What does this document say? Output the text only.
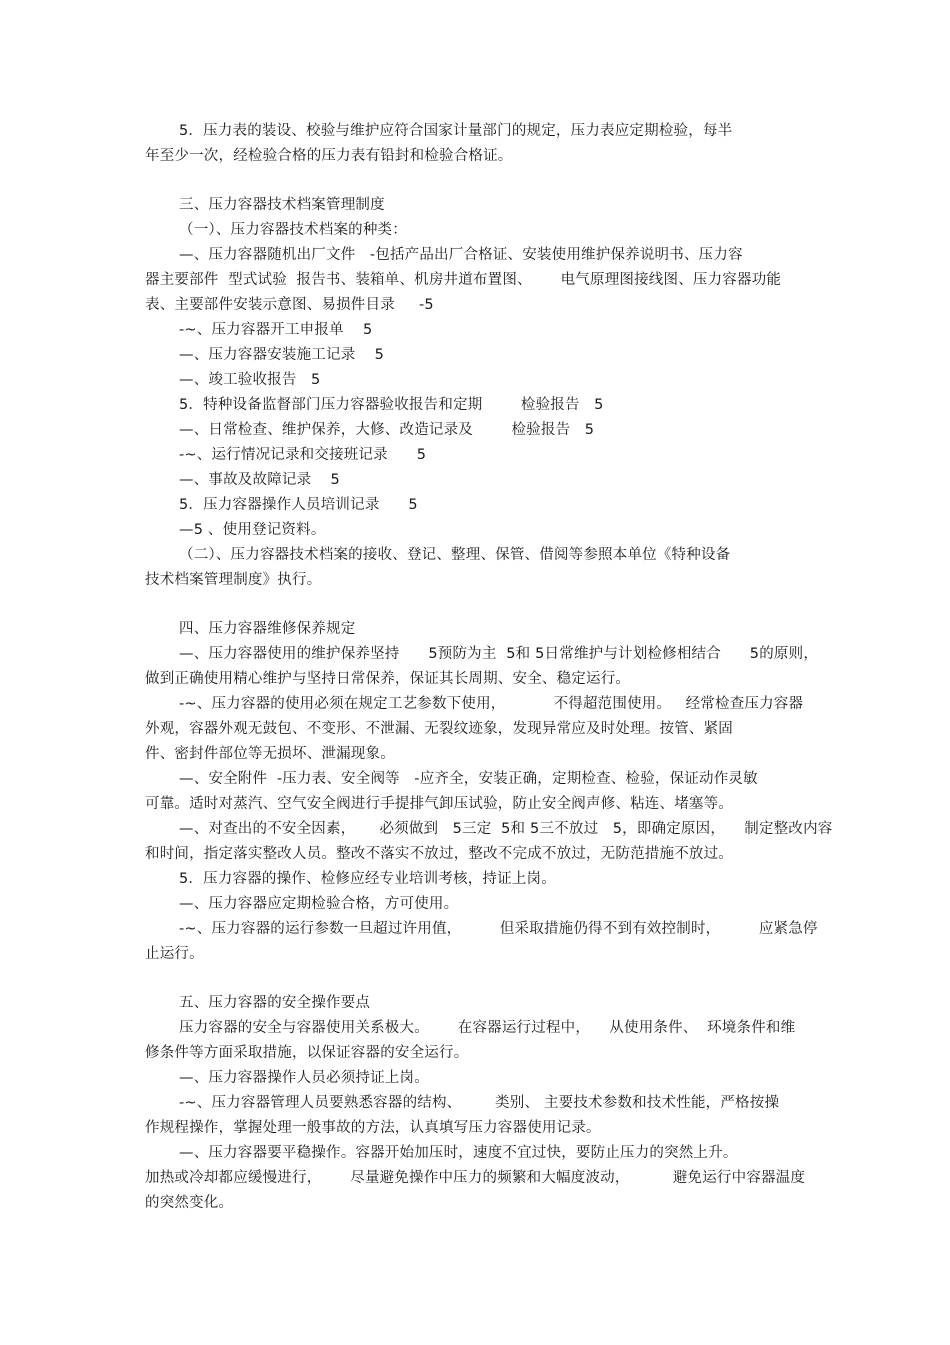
5．压力表的装设、校验与维护应符合国家计量部门的规定，压力表应定期检验，每半
年至少一次，经检验合格的压力表有铅封和检验合格证。
三、压力容器技术档案管理制度
（一）、压力容器技术档案的种类：
—、压力容器随机出厂文件   -包括产品出厂合格证、安装使用维护保养说明书、压力容
器主要部件  型式试验  报告书、装箱单、机房井道布置图、      电气原理图接线图、压力容器功能
表、主要部件安装示意图、易损件目录     -5
-~、压力容器开工申报单    5
—、压力容器安装施工记录    5
—、竣工验收报告   5
5．特种设备监督部门压力容器验收报告和定期        检验报告   5
—、日常检查、维护保养，大修、改造记录及        检验报告   5
-~、运行情况记录和交接班记录      5
—、事故及故障记录    5
5．压力容器操作人员培训记录      5
—5 、使用登记资料。
（二）、压力容器技术档案的接收、登记、整理、保管、借阅等参照本单位《特种设备
技术档案管理制度》执行。
四、压力容器维修保养规定
—、压力容器使用的维护保养坚持      5预防为主  5和 5日常维护与计划检修相结合      5的原则，
做到正确使用精心维护与坚持日常保养，保证其长周期、安全、稳定运行。
-~、压力容器的使用必须在规定工艺参数下使用，          不得超范围使用。   经常检查压力容器
外观，容器外观无鼓包、不变形、不泄漏、无裂纹迹象，发现异常应及时处理。按管、紧固
件、密封件部位等无损坏、泄漏现象。
—、安全附件  -压力表、安全阀等   -应齐全，安装正确，定期检查、检验，保证动作灵敏
可靠。适时对蒸汽、空气安全阀进行手提排气卸压试验，防止安全阀声修、粘连、堵塞等。
—、对查出的不安全因素，     必须做到   5三定  5和 5三不放过   5，即确定原因，    制定整改内容
和时间，指定落实整改人员。整改不落实不放过，整改不完成不放过，无防范措施不放过。
5．压力容器的操作、检修应经专业培训考核，持证上岗。
—、压力容器应定期检验合格，方可使用。
-~、压力容器的运行参数一旦超过许用值，        但采取措施仍得不到有效控制时，        应紧急停
止运行。
五、压力容器的安全操作要点
压力容器的安全与容器使用关系极大。      在容器运行过程中，    从使用条件、  环境条件和维
修条件等方面采取措施，以保证容器的安全运行。
—、压力容器操作人员必须持证上岗。
-~、压力容器管理人员要熟悉容器的结构、       类别、 主要技术参数和技术性能，严格按操
作规程操作，掌握处理一般事故的方法，认真填写压力容器使用记录。
—、压力容器要平稳操作。容器开始加压时，速度不宜过快，要防止压力的突然上升。
加热或冷却都应缓慢进行，      尽量避免操作中压力的频繁和大幅度波动，         避免运行中容器温度
的突然变化。
